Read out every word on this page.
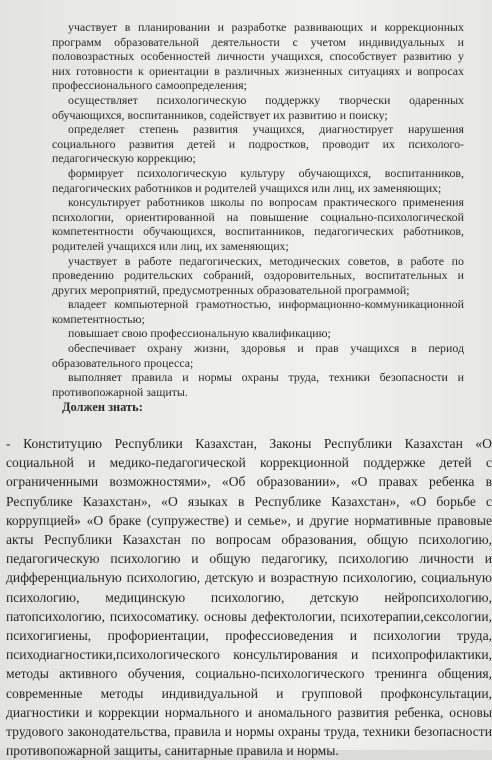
участвует в планировании и разработке развивающих и коррекционных программ образовательной деятельности с учетом индивидуальных и половозрастных особенностей личности учащихся, способствует развитию у них готовности к ориентации в различных жизненных ситуациях и вопросах профессионального самоопределения;

осуществляет психологическую поддержку творчески одаренных обучающихся, воспитанников, содействует их развитию и поиску;

определяет степень развития учащихся, диагностирует нарушения социального развития детей и подростков, проводит их психолого-педагогическую коррекцию;

формирует психологическую культуру обучающихся, воспитанников, педагогических работников и родителей учащихся или лиц, их заменяющих;

консультирует работников школы по вопросам практического применения психологии, ориентированной на повышение социально-психологической компетентности обучающихся, воспитанников, педагогических работников, родителей учащихся или лиц, их заменяющих;

участвует в работе педагогических, методических советов, в работе по проведению родительских собраний, оздоровительных, воспитательных и других мероприятий, предусмотренных образовательной программой;

владеет компьютерной грамотностью, информационно-коммуникационной компетентностью;

повышает свою профессиональную квалификацию;

обеспечивает охрану жизни, здоровья и прав учащихся в период образовательного процесса;

выполняет правила и нормы охраны труда, техники безопасности и противопожарной защиты.

Должен знать:

- Конституцию Республики Казахстан, Законы Республики Казахстан «О социальной и медико-педагогической коррекционной поддержке детей с ограниченными возможностями», «Об образовании», «О правах ребенка в Республике Казахстан», «О языках в Республике Казахстан», «О борьбе с коррупцией» «О браке (супружестве) и семье», и другие нормативные правовые акты Республики Казахстан по вопросам образования, общую психологию, педагогическую психологию и общую педагогику, психологию личности и дифференциальную психологию, детскую и возрастную психологию, социальную психологию, медицинскую психологию, детскую нейропсихологию, патопсихологию, психосоматику. основы дефектологии, психотерапии,сексологии, психогигиены, профориентации, профессиоведения и психологии труда, психодиагностики,психологического консультирования и психопрофилактики, методы активного обучения, социально-психологического тренинга общения, современные методы индивидуальной и групповой профконсультации, диагностики и коррекции нормального и аномального развития ребенка, основы трудового законодательства, правила и нормы охраны труда, техники безопасности противопожарной защиты, санитарные правила и нормы.
